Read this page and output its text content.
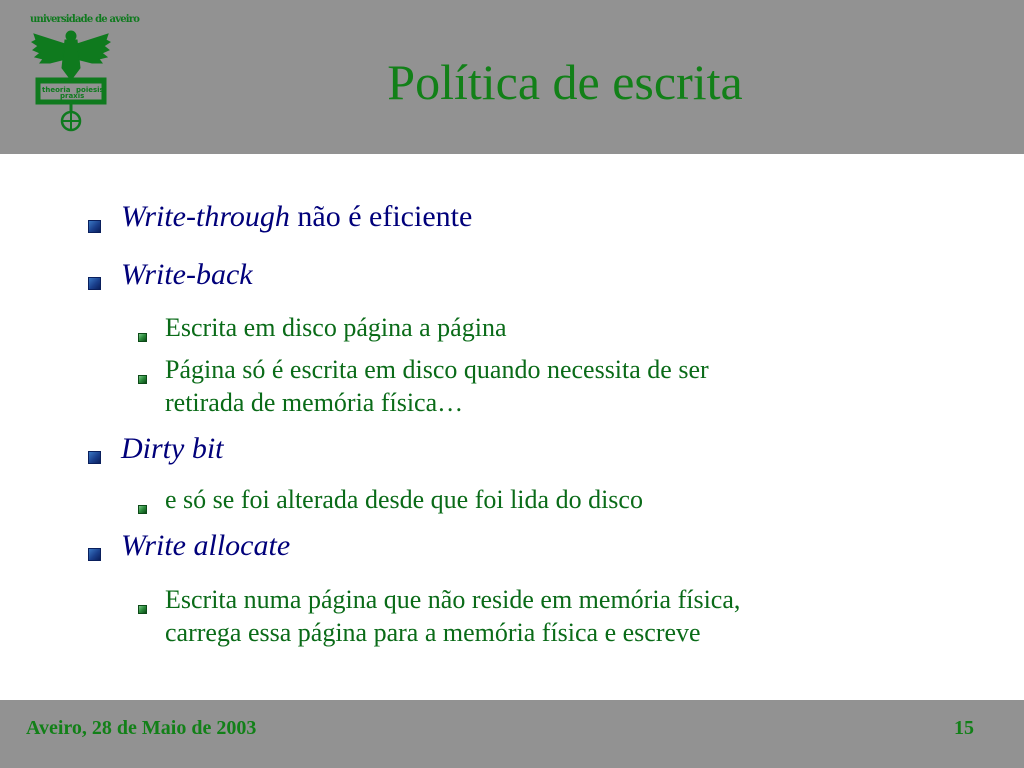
universidade de aveiro
theoria poiesis
praxis	Política de escrita
Write-through não é eficiente
Write-back
Escrita em disco página a página
Página só é escrita em disco quando necessita de ser
retirada de memória física…
Dirty bit
e só se foi alterada desde que foi lida do disco
Write allocate
Escrita numa página que não reside em memória física,
carrega essa página para a memória física e escreve
Aveiro, 28 de Maio de 2003	15
